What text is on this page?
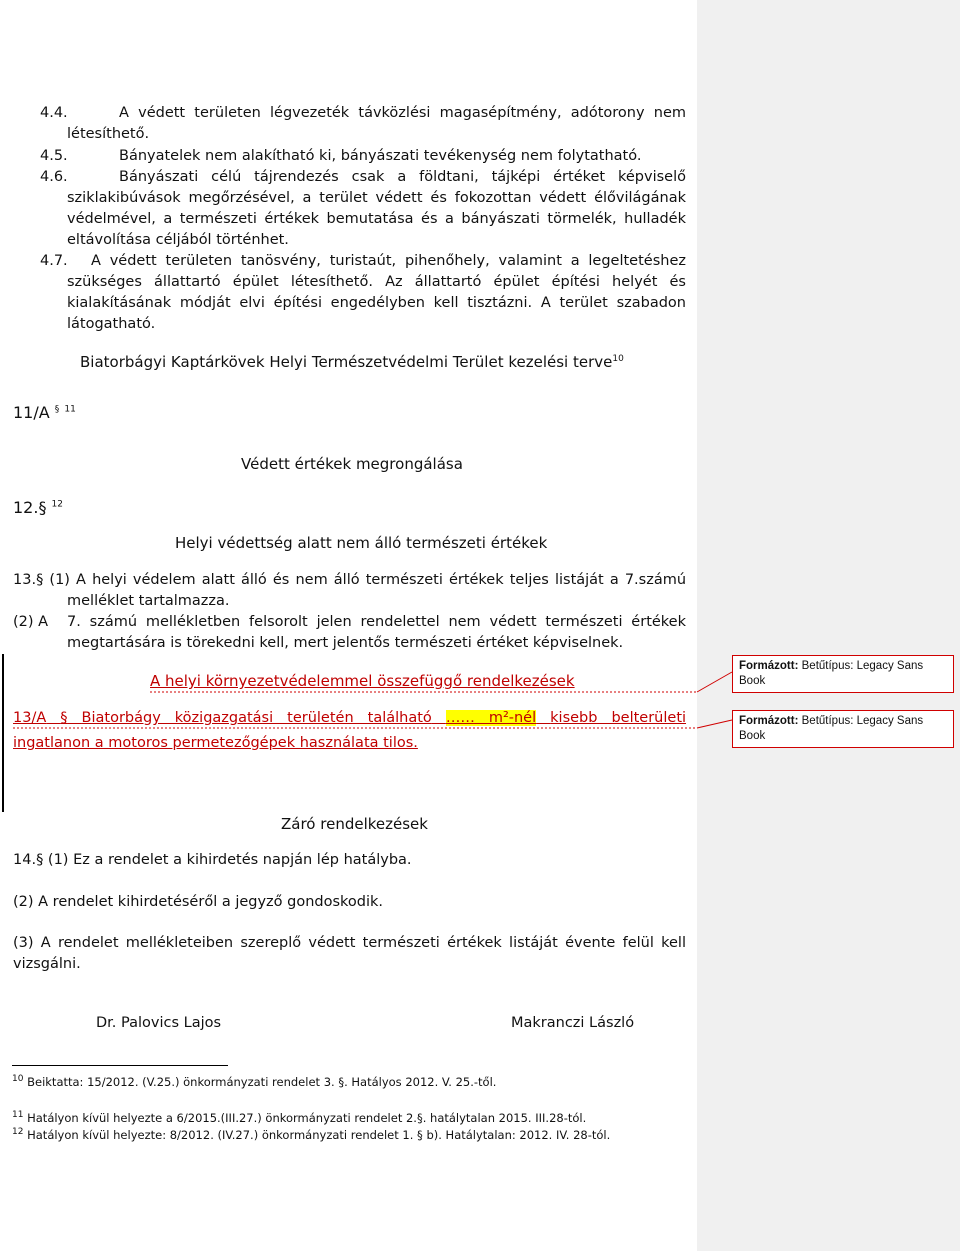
4.4.	A védett területen légvezeték távközlési magasépítmény, adótorony nem
létesíthető.
4.5.	Bányatelek nem alakítható ki, bányászati tevékenység nem folytatható.
4.6.	Bányászati célú tájrendezés csak a földtani, tájképi értéket képviselő
sziklakibúvások megőrzésével, a terület védett és fokozottan védett élővilágának
védelmével, a természeti értékek bemutatása és a bányászati törmelék, hulladék
eltávolítása céljából történhet.
4.7. A védett területen tanösvény, turistaút, pihenőhely, valamint a legeltetéshez
szükséges állattartó épület létesíthető. Az állattartó épület építési helyét és
kialakításának módját elvi építési engedélyben kell tisztázni. A terület szabadon
látogatható.
Biatorbágyi Kaptárkövek Helyi Természetvédelmi Terület kezelési terve$^{10}$
11/A § $^{11}$
Védett értékek megrongálása
12.§ $^{12}$
Helyi védettség alatt nem álló természeti értékek
13.§ (1) A helyi védelem alatt álló és nem álló természeti értékek teljes listáját a 7.számú
melléklet tartalmazza.
(2) A 7. számú mellékletben felsorolt jelen rendelettel nem védett természeti értékek
megtartására is törekedni kell, mert jelentős természeti értéket képviselnek.
A helyi környezetvédelemmel összefüggő rendelkezések
13/A § Biatorbágy közigazgatási területén található …… m²-nél kisebb belterületi
ingatlanon a motoros permetezőgépek használata tilos.
Záró rendelkezések
14.§ (1) Ez a rendelet a kihirdetés napján lép hatályba.
(2) A rendelet kihirdetéséről a jegyző gondoskodik.
(3) A rendelet mellékleteiben szereplő védett természeti értékek listáját évente felül kell
vizsgálni.
Dr. Palovics Lajos	Makranczi László
$^{10}$ Beiktatta: 15/2012. (V.25.) önkormányzati rendelet 3. §. Hatályos 2012. V. 25.-től.
$^{11}$ Hatályon kívül helyezte a 6/2015.(III.27.) önkormányzati rendelet 2.§. hatálytalan 2015. III.28-tól.
$^{12}$ Hatályon kívül helyezte: 8/2012. (IV.27.) önkormányzati rendelet 1. § b). Hatálytalan: 2012. IV. 28-tól.
Formázott: Betűtípus: Legacy Sans Book
Formázott: Betűtípus: Legacy Sans Book
